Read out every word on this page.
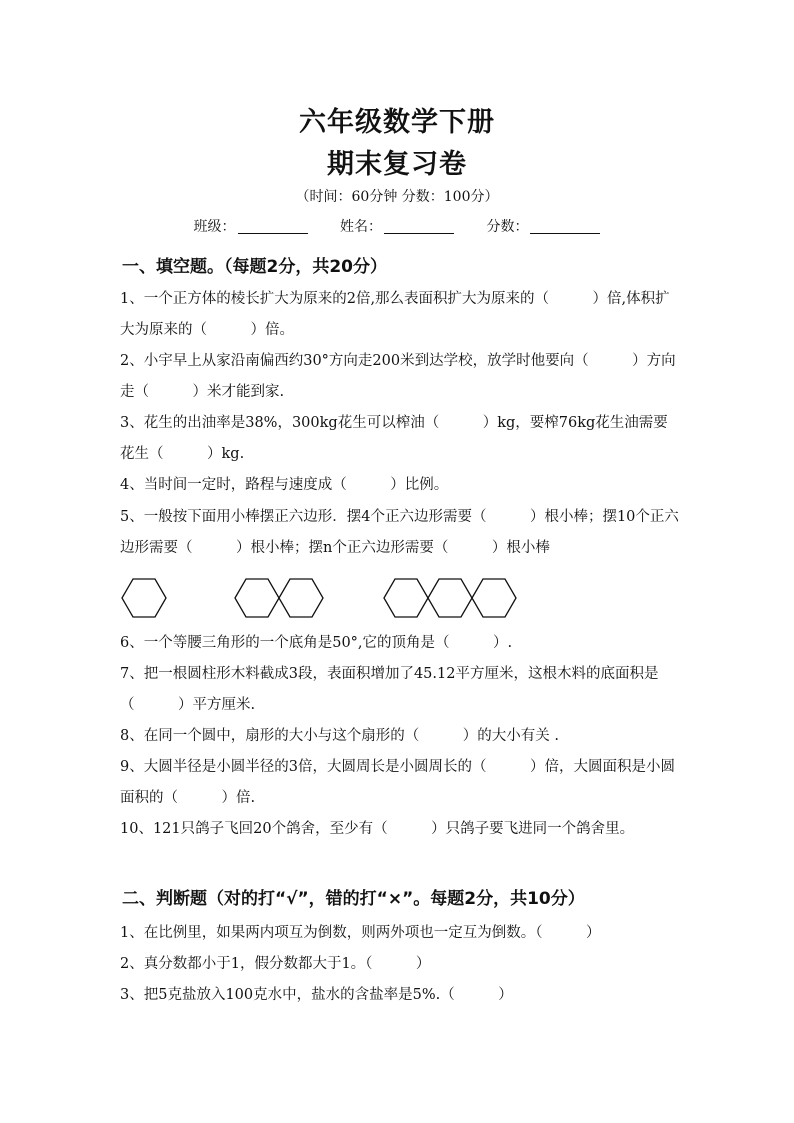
六年级数学下册
期末复习卷
（时间：60分钟 分数：100分）
班级：	姓名：	分数：
一、填空题。（每题2分，共20分）
1、一个正方体的棱长扩大为原来的2倍,那么表面积扩大为原来的（　　　）倍,体积扩大为原来的（　　　）倍。
2、小宇早上从家沿南偏西约30°方向走200米到达学校，放学时他要向（　　　）方向走（　　　）米才能到家.
3、花生的出油率是38%，300kg花生可以榨油（　　　）kg，要榨76kg花生油需要花生（　　　）kg.
4、当时间一定时，路程与速度成（　　　）比例。
5、一般按下面用小棒摆正六边形．摆4个正六边形需要（　　　）根小棒；摆10个正六边形需要（　　　）根小棒；摆n个正六边形需要（　　　）根小棒
6、一个等腰三角形的一个底角是50°,它的顶角是（　　　）.
7、把一根圆柱形木料截成3段，表面积增加了45.12平方厘米，这根木料的底面积是（　　　）平方厘米.
8、在同一个圆中，扇形的大小与这个扇形的（　　　）的大小有关 .
9、大圆半径是小圆半径的3倍，大圆周长是小圆周长的（　　　）倍，大圆面积是小圆面积的（　　　）倍.
10、121只鸽子飞回20个鸽舍，至少有（　　　）只鸽子要飞进同一个鸽舍里。
二、判断题（对的打“√”，错的打“×”。每题2分，共10分）
1、在比例里，如果两内项互为倒数，则两外项也一定互为倒数。（　　　）
2、真分数都小于1，假分数都大于1。（　　　）
3、把5克盐放入100克水中，盐水的含盐率是5%.（　　　）
